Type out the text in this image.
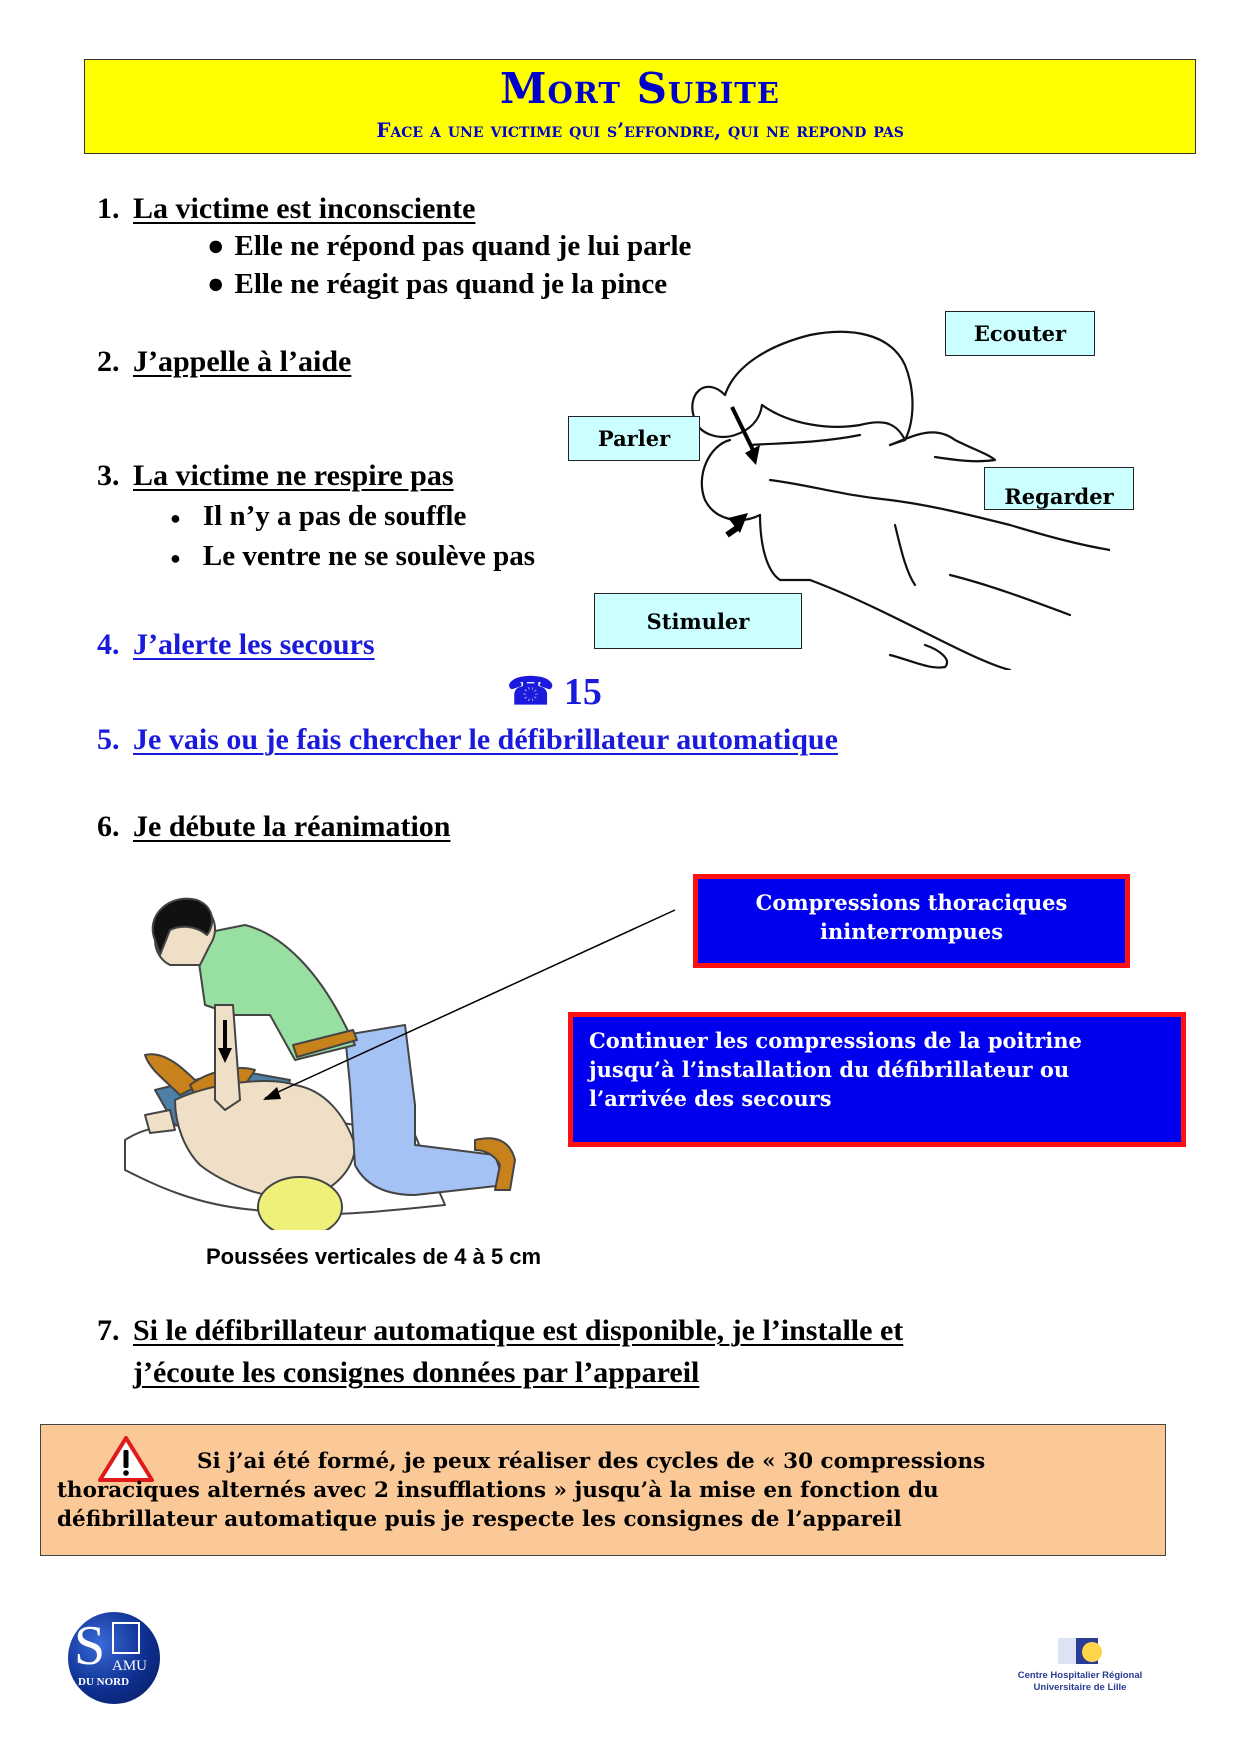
Mort Subite
Face a une victime qui s’effondre, qui ne repond pas
1. La victime est inconsciente
● Elle ne répond pas quand je lui parle
● Elle ne réagit pas quand je la pince
2. J’appelle à l’aide
3. La victime ne respire pas
● Il n’y a pas de souffle
● Le ventre ne se soulève pas
Ecouter
Parler
Regarder
Stimuler
4. J’alerte les secours
☎ 15
5. Je vais ou je fais chercher le défibrillateur automatique
6. Je débute la réanimation
Compressions thoraciques
ininterrompues
Continuer les compressions de la poitrine
jusqu’à l’installation du défibrillateur ou
l’arrivée des secours
Poussées verticales de 4 à 5 cm
7. Si le défibrillateur automatique est disponible, je l’installe et
j’écoute les consignes données par l’appareil
Si j’ai été formé, je peux réaliser des cycles de « 30 compressions
thoraciques alternés avec 2 insufflations » jusqu’à la mise en fonction du
défibrillateur automatique puis je respecte les consignes de l’appareil
S AMU
DU NORD
Centre Hospitalier Régional
Universitaire de Lille
